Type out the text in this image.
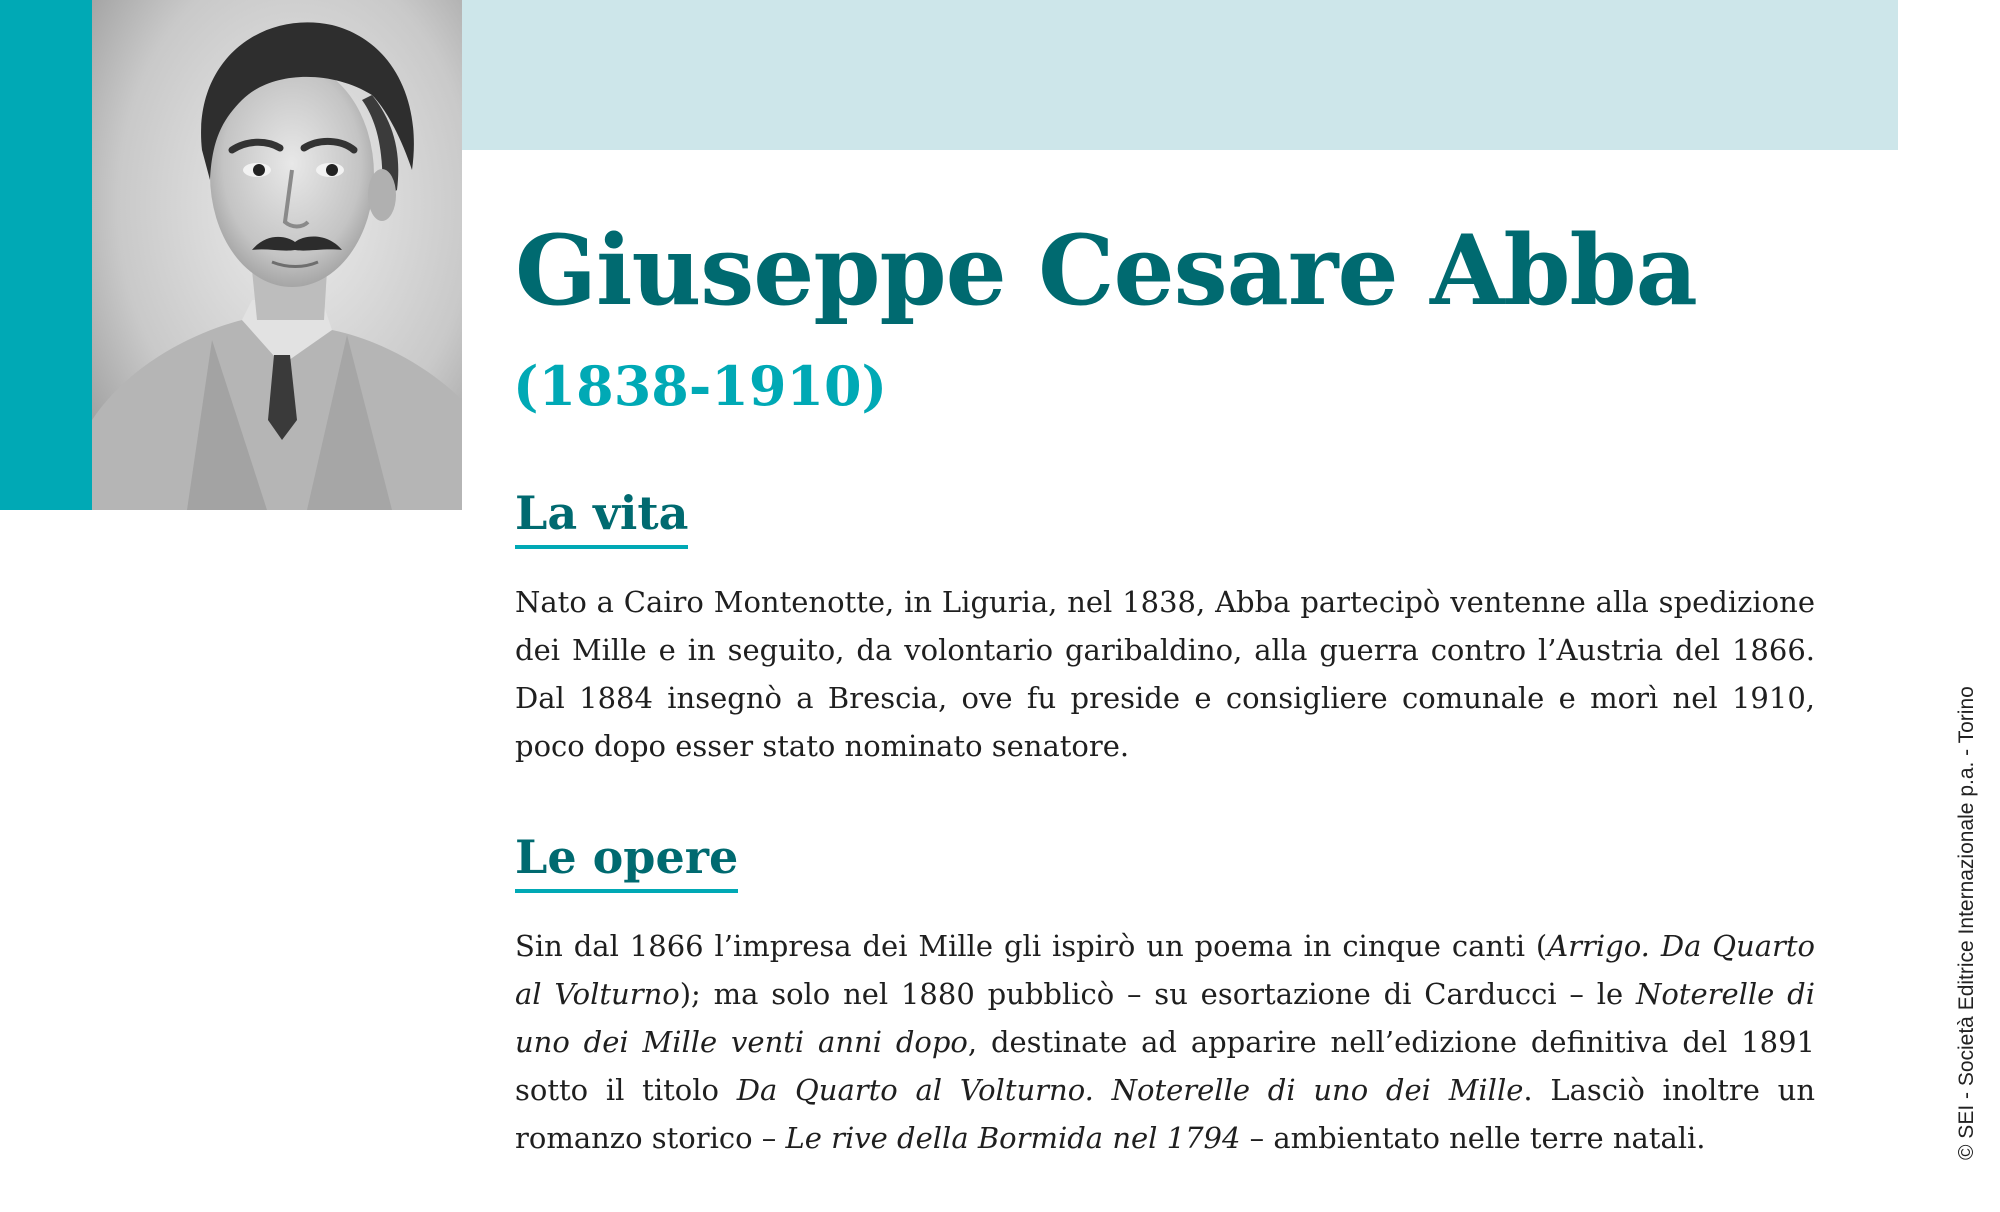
Giuseppe Cesare Abba
(1838-1910)
La vita

Nato a Cairo Montenotte, in Liguria, nel 1838, Abba partecipò ventenne alla spedizione dei Mille e in seguito, da volontario garibaldino, alla guerra contro l’Austria del 1866. Dal 1884 insegnò a Brescia, ove fu preside e consigliere comunale e morì nel 1910, poco dopo esser stato nominato senatore.

Le opere

Sin dal 1866 l’impresa dei Mille gli ispirò un poema in cinque canti (Arrigo. Da Quarto al Volturno); ma solo nel 1880 pubblicò – su esortazione di Carducci – le Noterelle di uno dei Mille venti anni dopo, destinate ad apparire nell’edizione definitiva del 1891 sotto il titolo Da Quarto al Volturno. Noterelle di uno dei Mille. Lasciò inoltre un romanzo storico – Le rive della Bormida nel 1794 – ambientato nelle terre natali.	© SEI - Società Editrice Internazionale p.a. - Torino
